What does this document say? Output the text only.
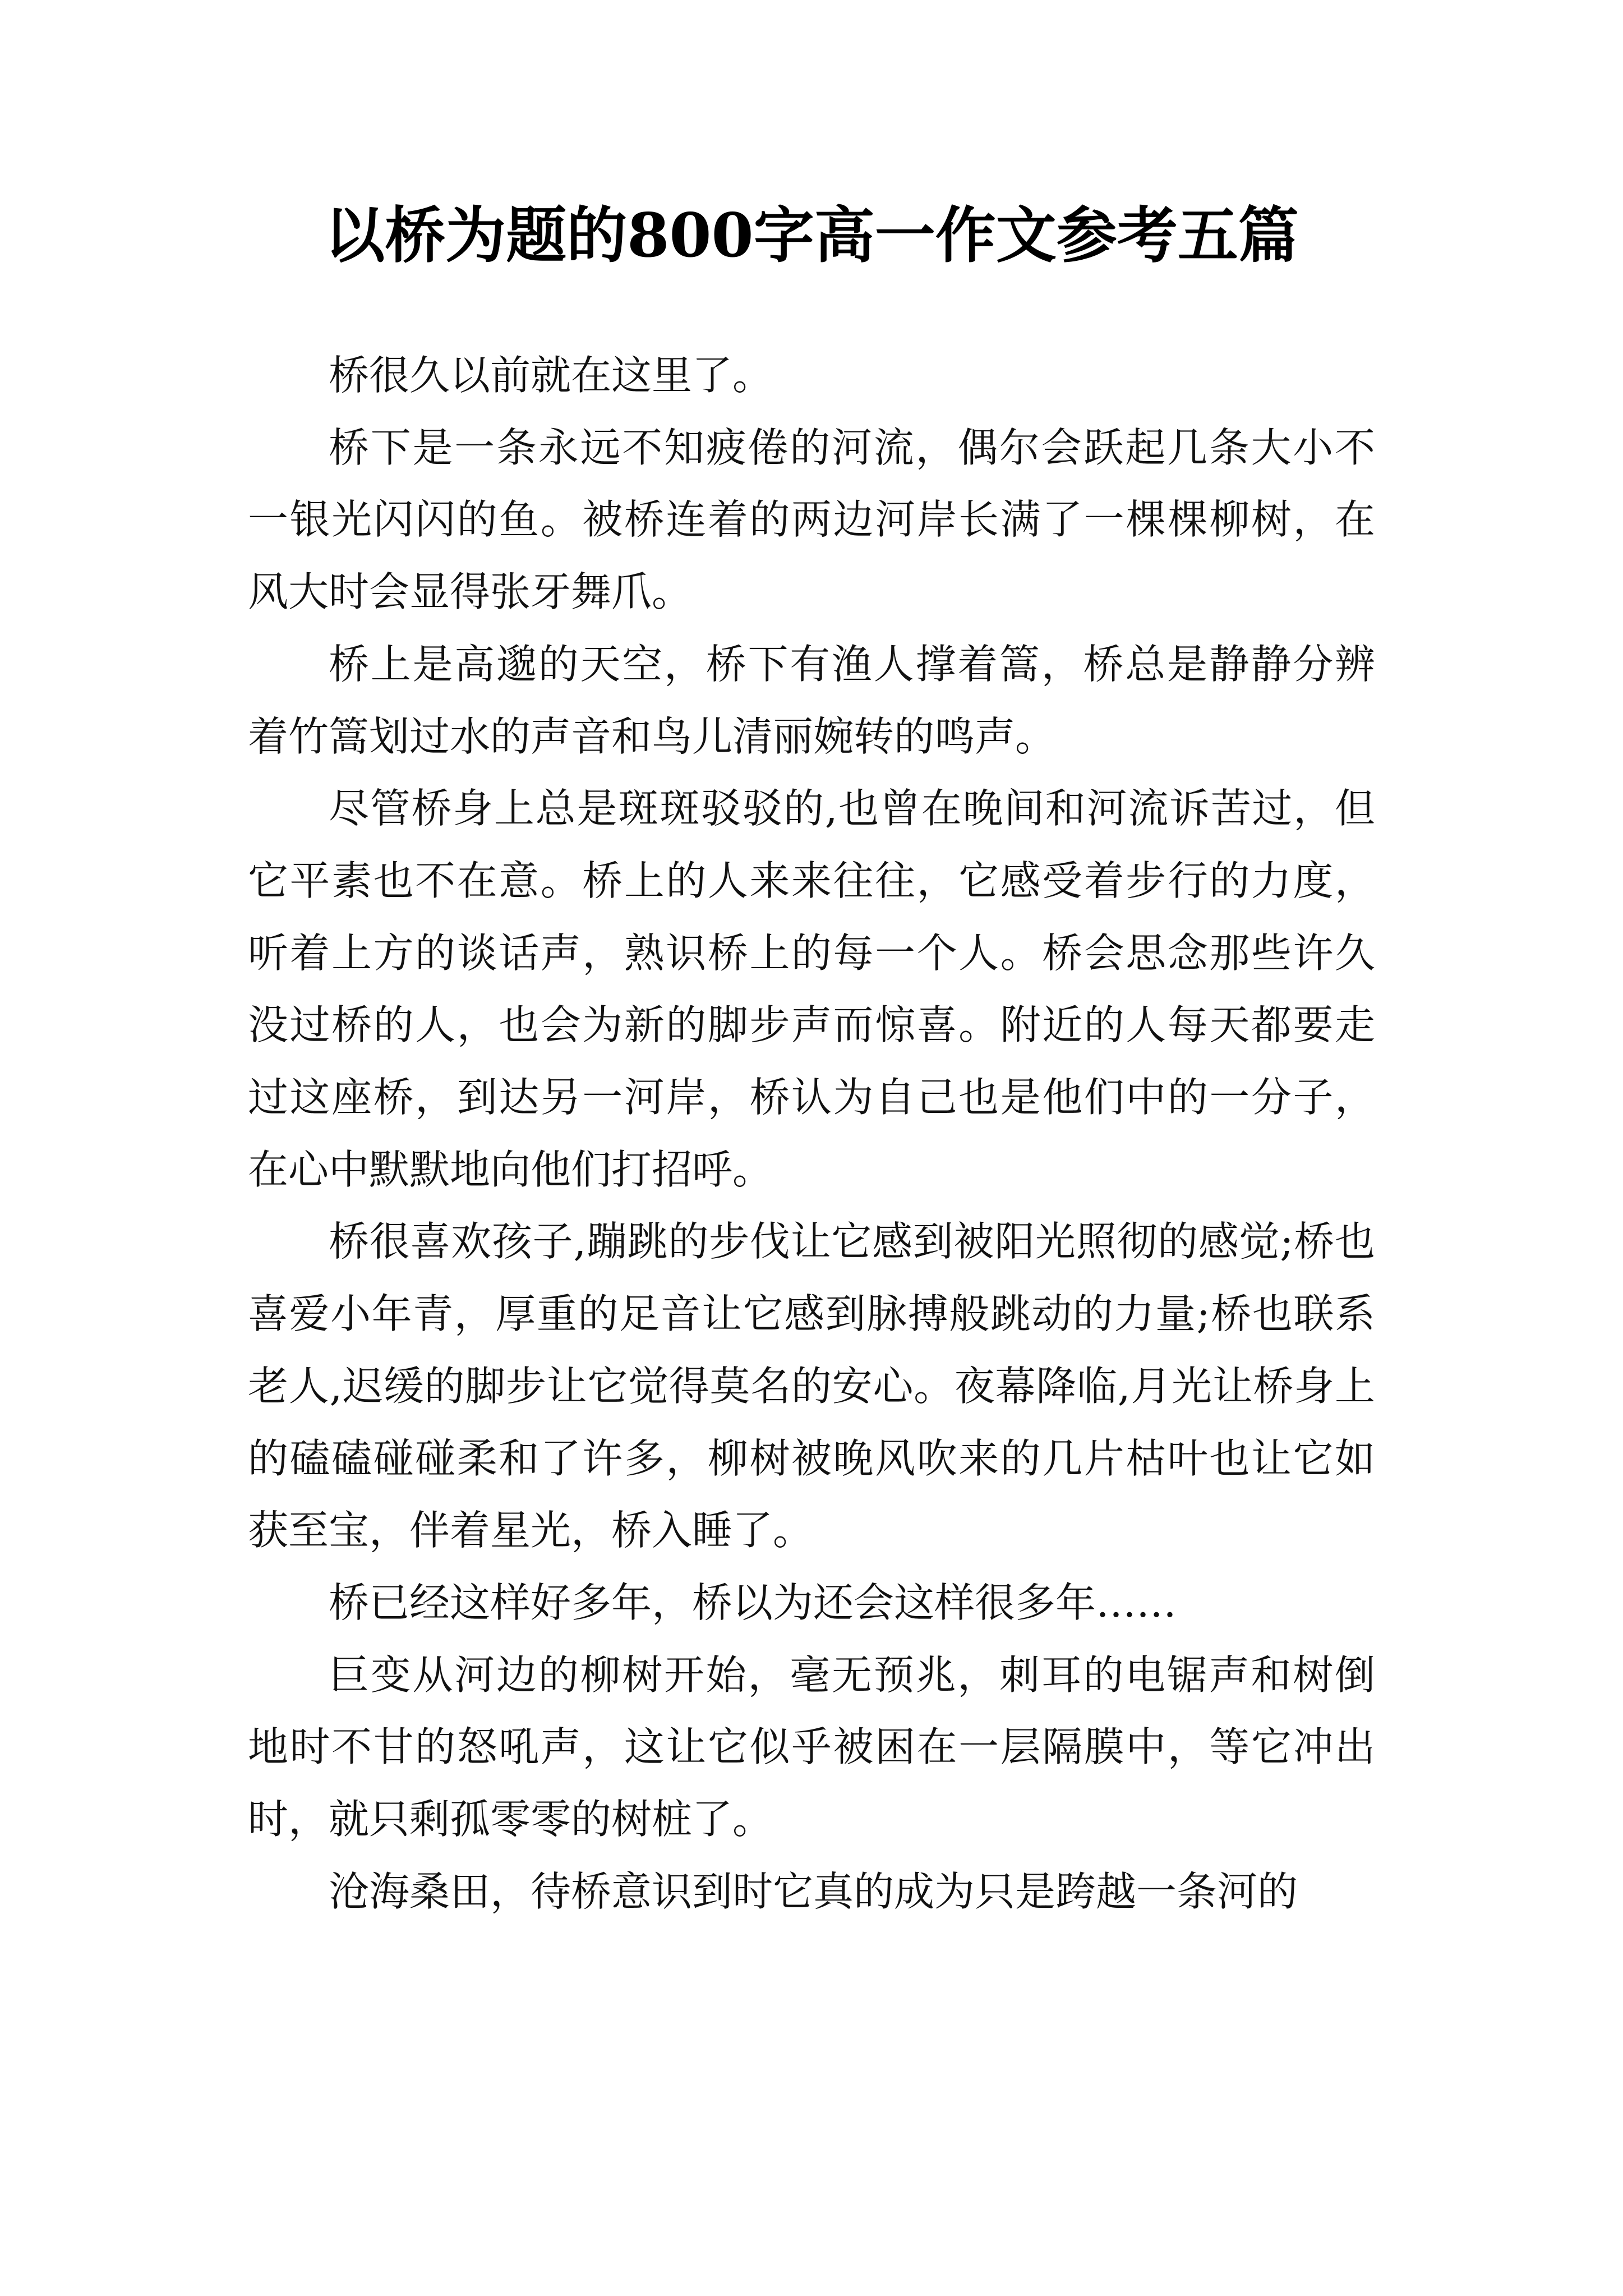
以桥为题的800字高一作文参考五篇

桥很久以前就在这里了。

桥下是一条永远不知疲倦的河流，偶尔会跃起几条大小不一银光闪闪的鱼。被桥连着的两边河岸长满了一棵棵柳树，在风大时会显得张牙舞爪。

桥上是高邈的天空，桥下有渔人撑着篙，桥总是静静分辨着竹篙划过水的声音和鸟儿清丽婉转的鸣声。

尽管桥身上总是斑斑驳驳的,也曾在晚间和河流诉苦过，但它平素也不在意。桥上的人来来往往，它感受着步行的力度，听着上方的谈话声，熟识桥上的每一个人。桥会思念那些许久没过桥的人，也会为新的脚步声而惊喜。附近的人每天都要走过这座桥，到达另一河岸，桥认为自己也是他们中的一分子，在心中默默地向他们打招呼。

桥很喜欢孩子,蹦跳的步伐让它感到被阳光照彻的感觉;桥也喜爱小年青，厚重的足音让它感到脉搏般跳动的力量;桥也联系老人,迟缓的脚步让它觉得莫名的安心。夜幕降临,月光让桥身上的磕磕碰碰柔和了许多，柳树被晚风吹来的几片枯叶也让它如获至宝，伴着星光，桥入睡了。

桥已经这样好多年，桥以为还会这样很多年……

巨变从河边的柳树开始，毫无预兆，刺耳的电锯声和树倒地时不甘的怒吼声，这让它似乎被困在一层隔膜中，等它冲出时，就只剩孤零零的树桩了。

沧海桑田，待桥意识到时它真的成为只是跨越一条河的
